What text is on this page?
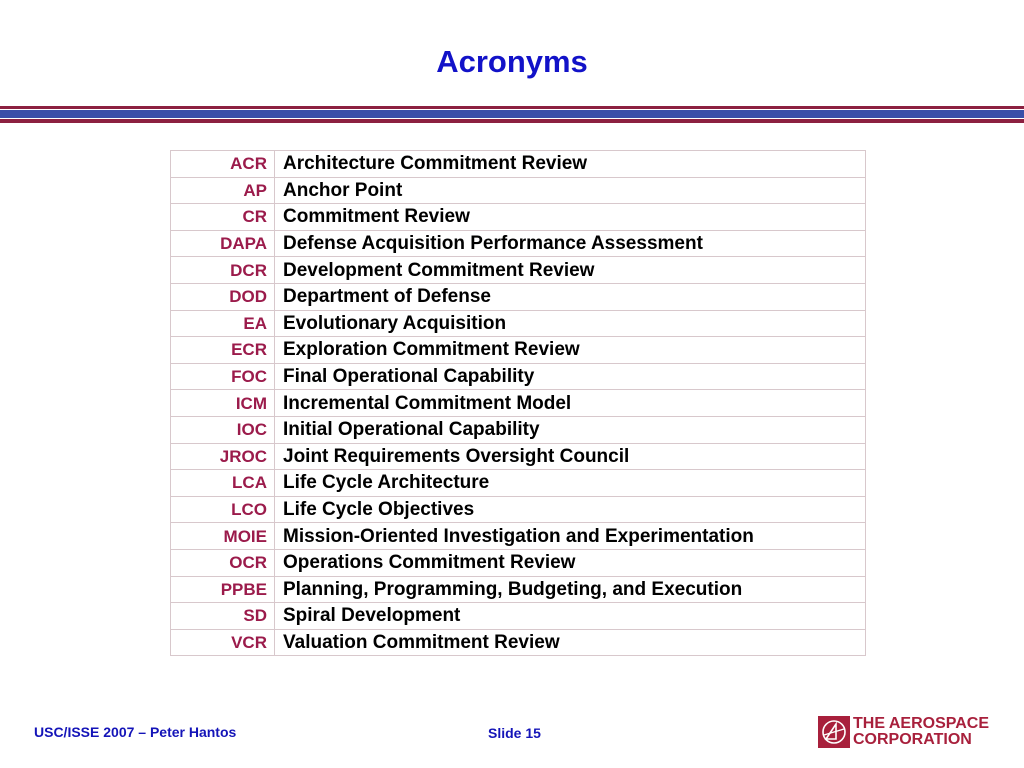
Acronyms
ACR	Architecture Commitment Review
AP	Anchor Point
CR	Commitment Review
DAPA	Defense Acquisition Performance Assessment
DCR	Development Commitment Review
DOD	Department of Defense
EA	Evolutionary Acquisition
ECR	Exploration Commitment Review
FOC	Final Operational Capability
ICM	Incremental Commitment Model
IOC	Initial Operational Capability
JROC	Joint Requirements Oversight Council
LCA	Life Cycle Architecture
LCO	Life Cycle Objectives
MOIE	Mission-Oriented Investigation and Experimentation
OCR	Operations Commitment Review
PPBE	Planning, Programming, Budgeting, and Execution
SD	Spiral Development
VCR	Valuation Commitment Review
USC/ISSE 2007 – Peter Hantos	Slide 15
THE AEROSPACE
CORPORATION
